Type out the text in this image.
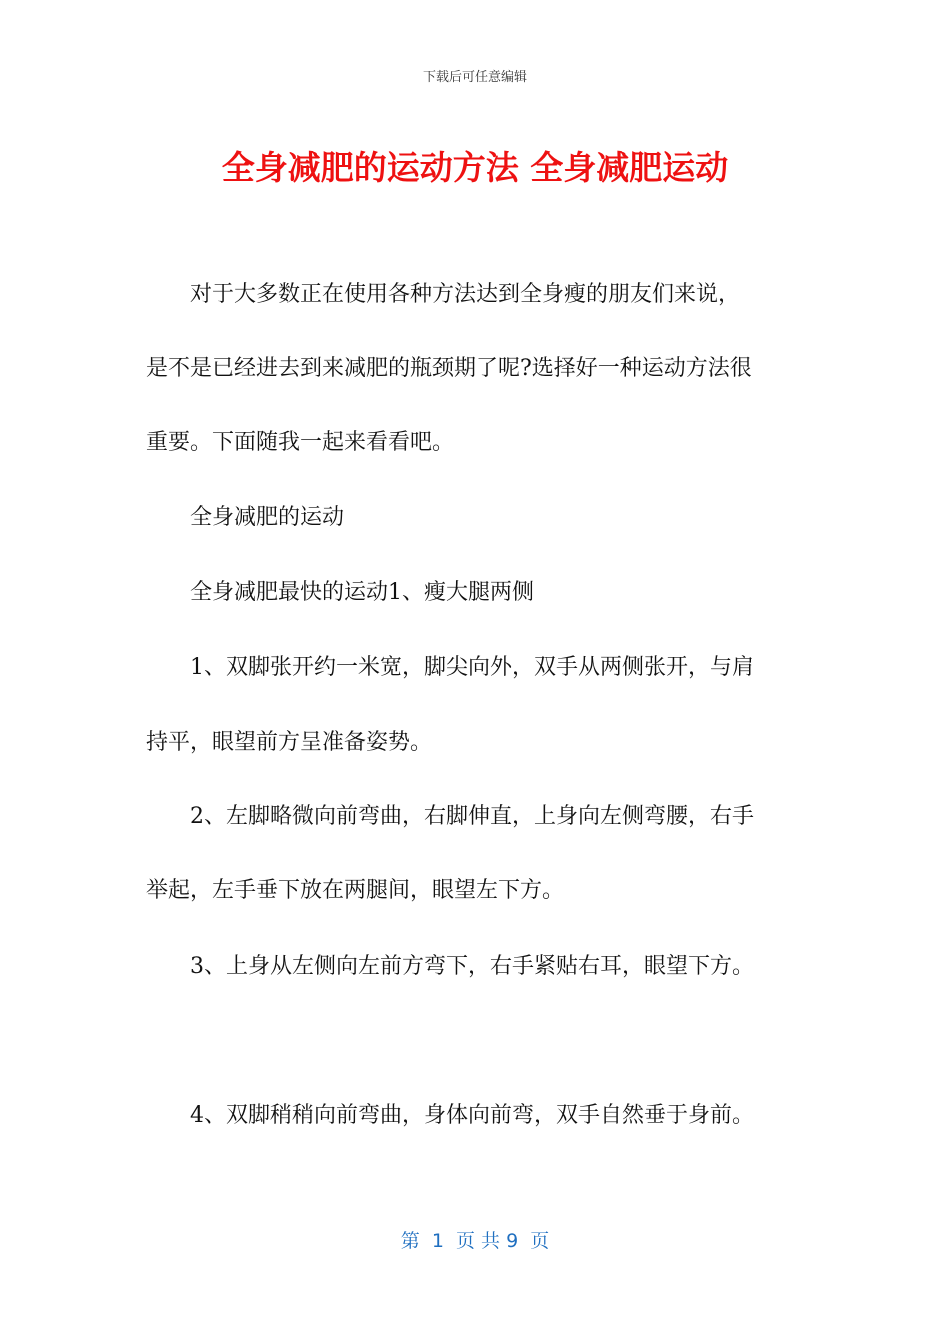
下载后可任意编辑
全身减肥的运动方法 全身减肥运动
　　对于大多数正在使用各种方法达到全身瘦的朋友们来说，
是不是已经进去到来减肥的瓶颈期了呢?选择好一种运动方法很
重要。下面随我一起来看看吧。
　　全身减肥的运动
　　全身减肥最快的运动1、瘦大腿两侧
　　1、双脚张开约一米宽，脚尖向外，双手从两侧张开，与肩
持平，眼望前方呈准备姿势。
　　2、左脚略微向前弯曲，右脚伸直，上身向左侧弯腰，右手
举起，左手垂下放在两腿间，眼望左下方。
　　3、上身从左侧向左前方弯下，右手紧贴右耳，眼望下方。
　　4、双脚稍稍向前弯曲，身体向前弯，双手自然垂于身前。
第  1  页 共 9  页
